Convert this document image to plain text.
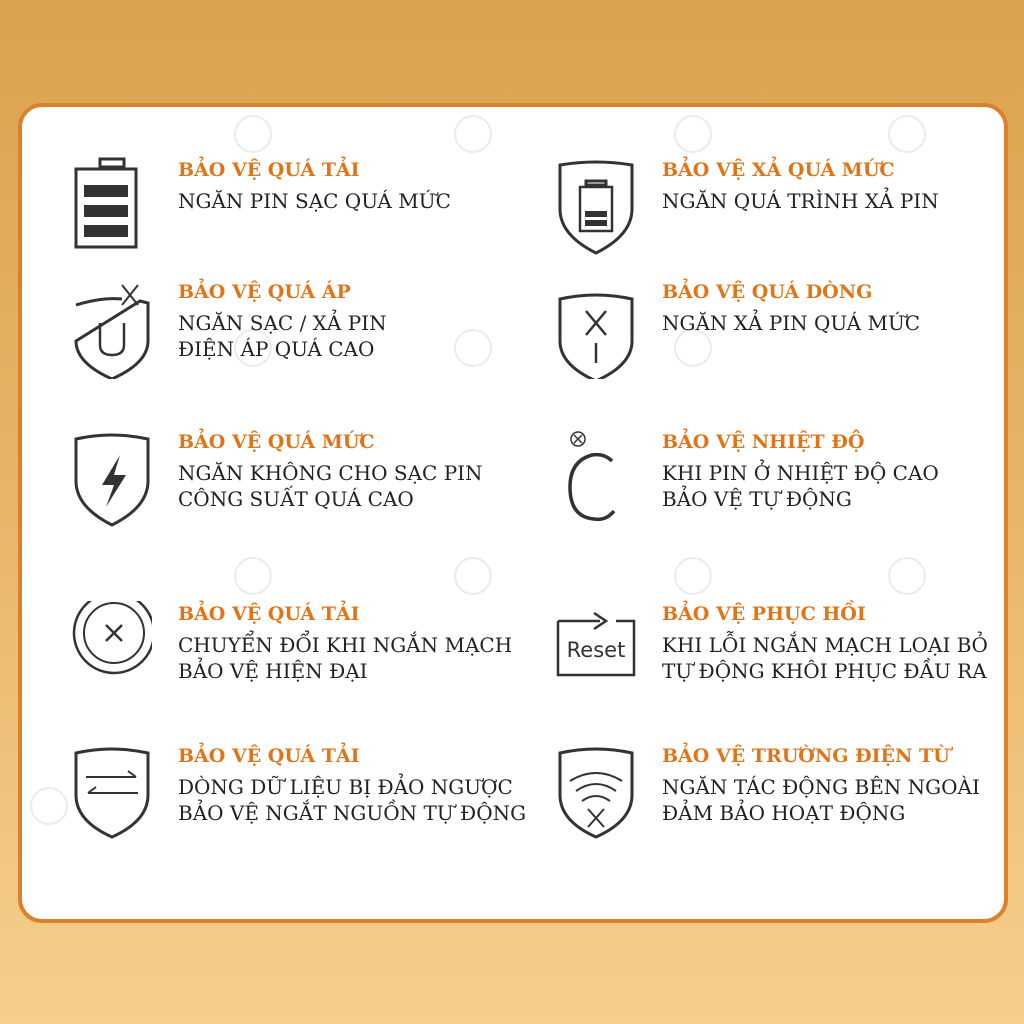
BẢO VỆ QUÁ TẢI
NGĂN PIN SẠC QUÁ MỨC
BẢO VỆ XẢ QUÁ MỨC
NGĂN QUÁ TRÌNH XẢ PIN
BẢO VỆ QUÁ ÁP
NGĂN SẠC / XẢ PIN
ĐIỆN ÁP QUÁ CAO
BẢO VỆ QUÁ DÒNG
NGĂN XẢ PIN QUÁ MỨC
BẢO VỆ QUÁ MỨC
NGĂN KHÔNG CHO SẠC PIN
CÔNG SUẤT QUÁ CAO
BẢO VỆ NHIỆT ĐỘ
KHI PIN Ở NHIỆT ĐỘ CAO
BẢO VỆ TỰ ĐỘNG
BẢO VỆ QUÁ TẢI
CHUYỂN ĐỔI KHI NGẮN MẠCH
BẢO VỆ HIỆN ĐẠI
Reset
BẢO VỆ PHỤC HỒI
KHI LỖI NGẮN MẠCH LOẠI BỎ
TỰ ĐỘNG KHÔI PHỤC ĐẦU RA
BẢO VỆ QUÁ TẢI
DÒNG DỮ LIỆU BỊ ĐẢO NGƯỢC
BẢO VỆ NGẮT NGUỒN TỰ ĐỘNG
BẢO VỆ TRƯỜNG ĐIỆN TỪ
NGĂN TÁC ĐỘNG BÊN NGOÀI
ĐẢM BẢO HOẠT ĐỘNG
